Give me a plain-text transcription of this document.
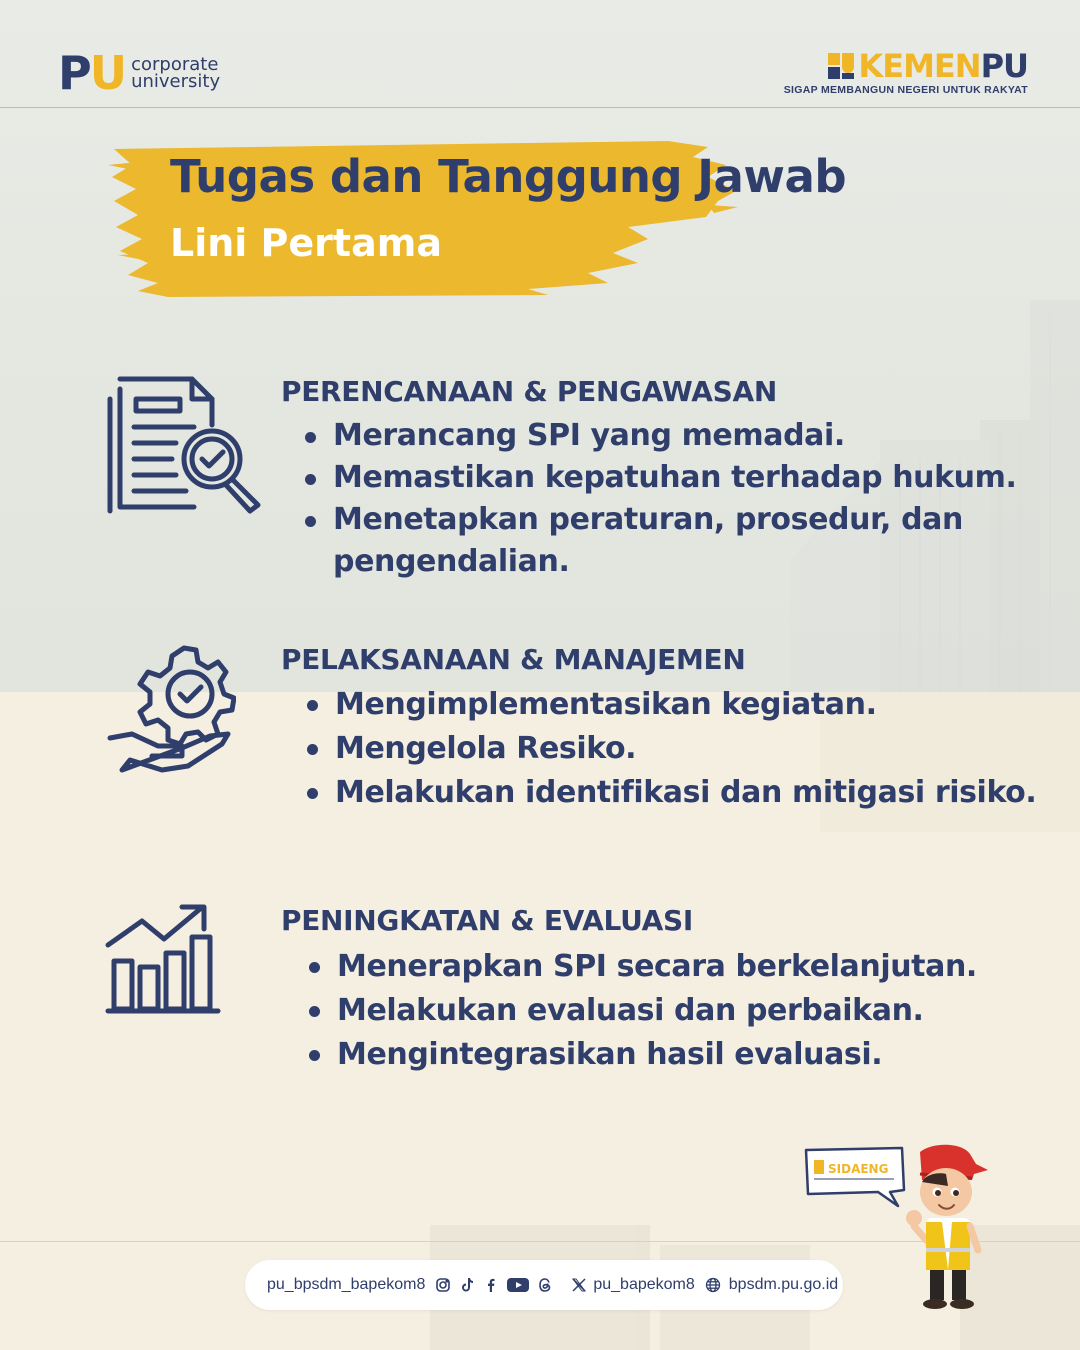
PU corporate
university	KEMENPU
SIGAP MEMBANGUN NEGERI UNTUK RAKYAT
Tugas dan Tanggung Jawab
Lini Pertama
PERENCANAAN & PENGAWASAN
Merancang SPI yang memadai.
Memastikan kepatuhan terhadap hukum.
Menetapkan peraturan, prosedur, dan
pengendalian.
PELAKSANAAN & MANAJEMEN
Mengimplementasikan kegiatan.
Mengelola Resiko.
Melakukan identifikasi dan mitigasi risiko.
PENINGKATAN & EVALUASI
Menerapkan SPI secara berkelanjutan.
Melakukan evaluasi dan perbaikan.
Mengintegrasikan hasil evaluasi.
pu_bpsdm_bapekom8	pu_bapekom8 bpsdm.pu.go.id
SIDAENG
